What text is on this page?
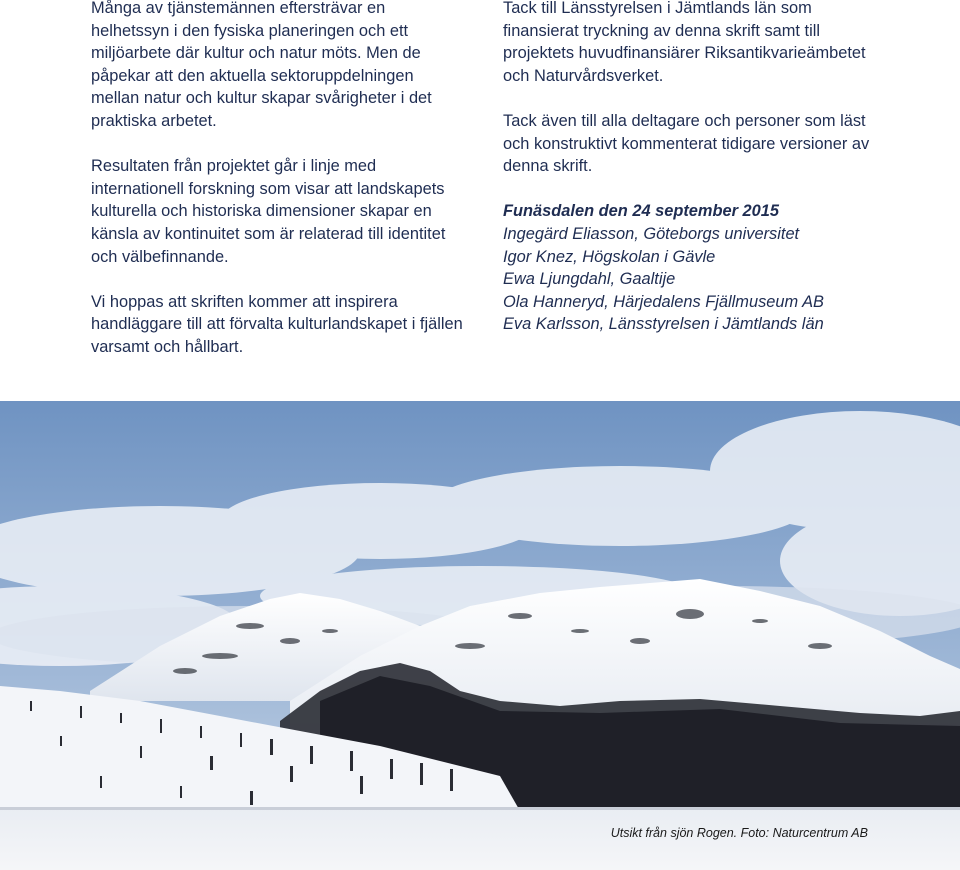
Många av tjänstemännen eftersträvar en helhetssyn i den fysiska planeringen och ett miljöarbete där kultur och natur möts. Men de påpekar att den aktuella sektoruppdelningen mellan natur och kultur skapar svårigheter i det praktiska arbetet.

Resultaten från projektet går i linje med internationell forskning som visar att landskapets kulturella och historiska dimensioner skapar en känsla av kontinuitet som är relaterad till identitet och välbefinnande.

Vi hoppas att skriften kommer att inspirera handläggare till att förvalta kulturlandskapet i fjällen varsamt och hållbart.

Tack till Länsstyrelsen i Jämtlands län som finansierat tryckning av denna skrift samt till projektets huvudfinansiärer Riksantikvarieämbetet och Naturvårdsverket.

Tack även till alla deltagare och personer som läst och konstruktivt kommenterat tidigare versioner av denna skrift.

Funäsdalen den 24 september 2015

Ingegärd Eliasson, Göteborgs universitet

Igor Knez, Högskolan i Gävle

Ewa Ljungdahl, Gaaltije

Ola Hanneryd, Härjedalens Fjällmuseum AB

Eva Karlsson, Länsstyrelsen i Jämtlands län

Utsikt från sjön Rogen. Foto: Naturcentrum AB
